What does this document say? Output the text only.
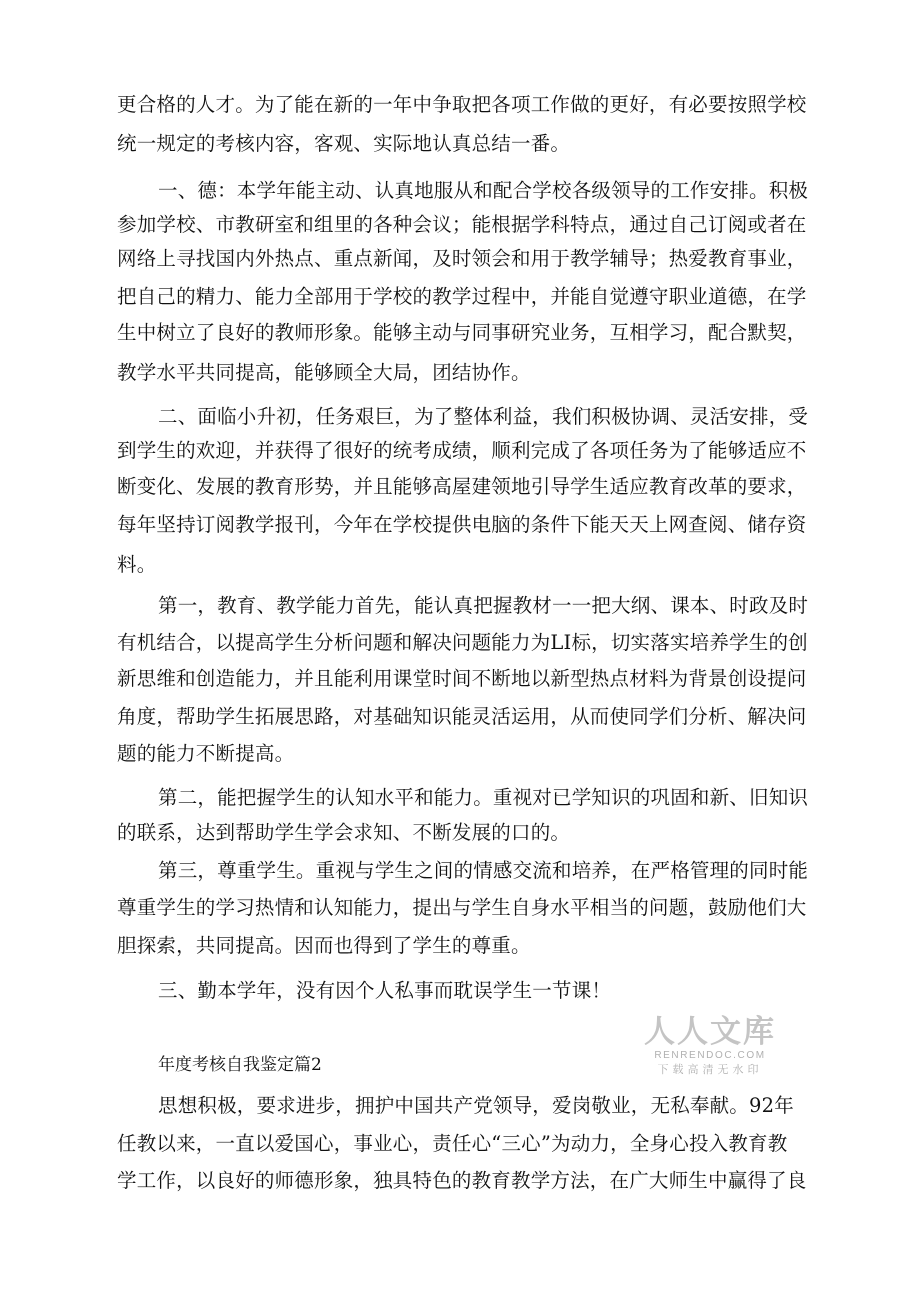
更合格的人才。为了能在新的一年中争取把各项工作做的更好，有必要按照学校
统一规定的考核内容，客观、实际地认真总结一番。
一、德：本学年能主动、认真地服从和配合学校各级领导的工作安排。积极
参加学校、市教研室和组里的各种会议；能根据学科特点，通过自己订阅或者在
网络上寻找国内外热点、重点新闻，及时领会和用于教学辅导；热爱教育事业，
把自己的精力、能力全部用于学校的教学过程中，并能自觉遵守职业道德，在学
生中树立了良好的教师形象。能够主动与同事研究业务，互相学习，配合默契，
教学水平共同提高，能够顾全大局，团结协作。
二、面临小升初，任务艰巨，为了整体利益，我们积极协调、灵活安排，受
到学生的欢迎，并获得了很好的统考成绩，顺利完成了各项任务为了能够适应不
断变化、发展的教育形势，并且能够高屋建领地引导学生适应教育改革的要求，
每年坚持订阅教学报刊，今年在学校提供电脑的条件下能天天上网查阅、储存资
料。
第一，教育、教学能力首先，能认真把握教材一一把大纲、课本、时政及时
有机结合，以提高学生分析问题和解决问题能力为LI标，切实落实培养学生的创
新思维和创造能力，并且能利用课堂时间不断地以新型热点材料为背景创设提问
角度，帮助学生拓展思路，对基础知识能灵活运用，从而使同学们分析、解决问
题的能力不断提高。
第二，能把握学生的认知水平和能力。重视对已学知识的巩固和新、旧知识
的联系，达到帮助学生学会求知、不断发展的口的。
第三，尊重学生。重视与学生之间的情感交流和培养，在严格管理的同时能
尊重学生的学习热情和认知能力，提出与学生自身水平相当的问题，鼓励他们大
胆探索，共同提高。因而也得到了学生的尊重。
三、勤本学年，没有因个人私事而耽误学生一节课！
人人文库
RENRENDOC.COM
下载高清无水印
年度考核自我鉴定篇2
思想积极，要求进步，拥护中国共产党领导，爱岗敬业，无私奉献。92年
任教以来，一直以爱国心，事业心，责任心“三心”为动力，全身心投入教育教
学工作，以良好的师德形象，独具特色的教育教学方法，在广大师生中赢得了良
